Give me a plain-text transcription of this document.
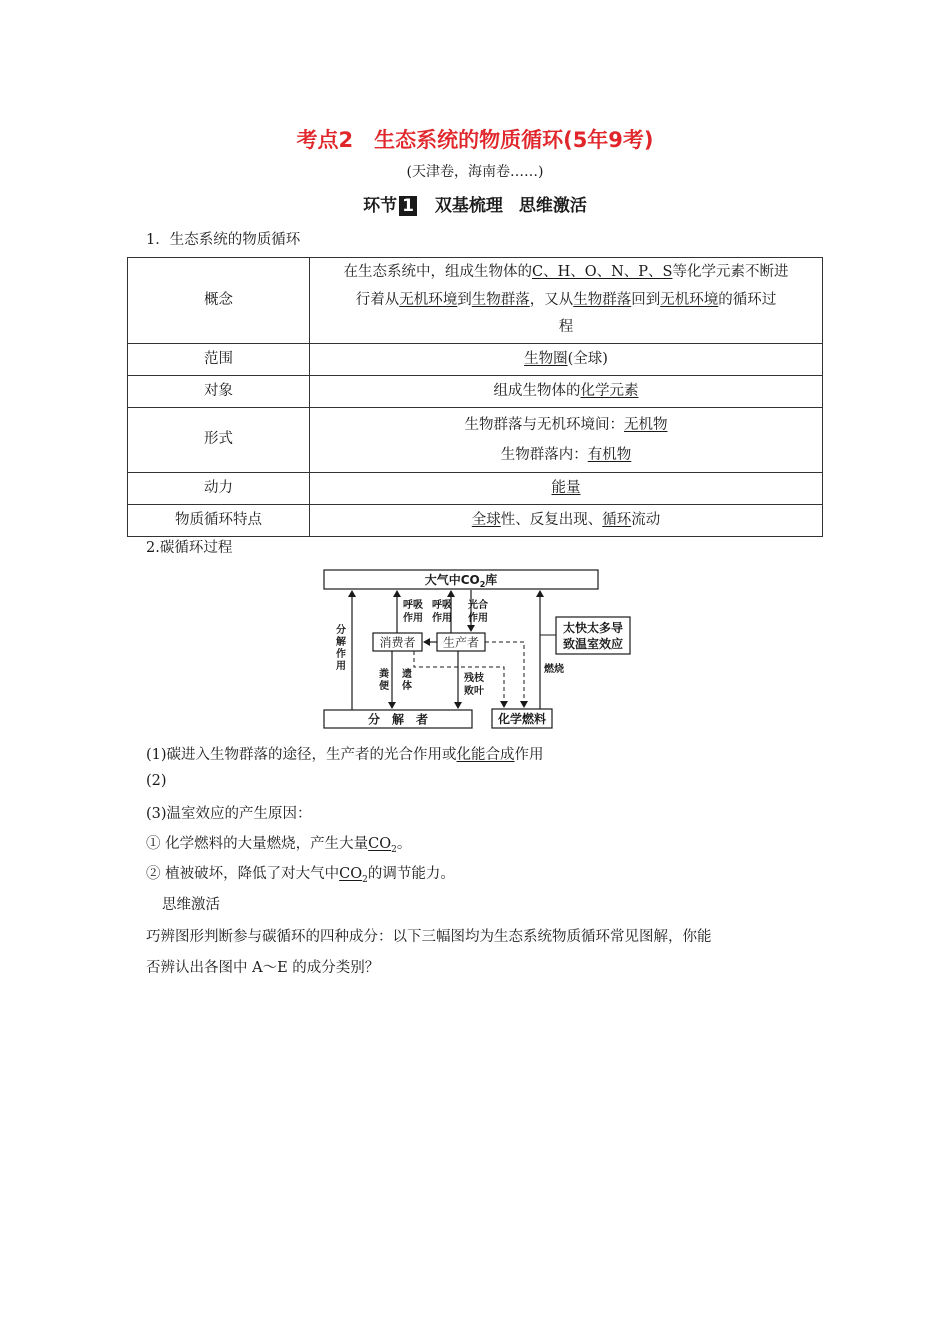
考点2　生态系统的物质循环(5年9考)
(天津卷，海南卷……)
环节 1 双基梳理 思维激活
1．生态系统的物质循环
概念	在生态系统中，组成生物体的C、H、O、N、P、S等化学元素不断进
行着从无机环境到生物群落，又从生物群落回到无机环境的循环过
程
范围	生物圈(全球)
对象	组成生物体的化学元素
形式	生物群落与无机环境间：无机物
生物群落内：有机物
动力	能量
物质循环特点	全球性、反复出现、循环流动
2.碳循环过程
大气中$CO_2$库
消费者 生产者
分　解　者	化学燃料
太快太多导
致温室效应
分
解
作
用
呼吸
作用
呼吸
作用
光合
作用
燃烧
粪
便
遗
体
残枝
败叶
(1)碳进入生物群落的途径，生产者的光合作用或化能合成作用
(2)
(3)温室效应的产生原因：
① 化学燃料的大量燃烧，产生大量$CO_2$。
② 植被破坏，降低了对大气中$CO_2$的调节能力。
思维激活
巧辨图形判断参与碳循环的四种成分：以下三幅图均为生态系统物质循环常见图解，你能
否辨认出各图中 A～E 的成分类别？
